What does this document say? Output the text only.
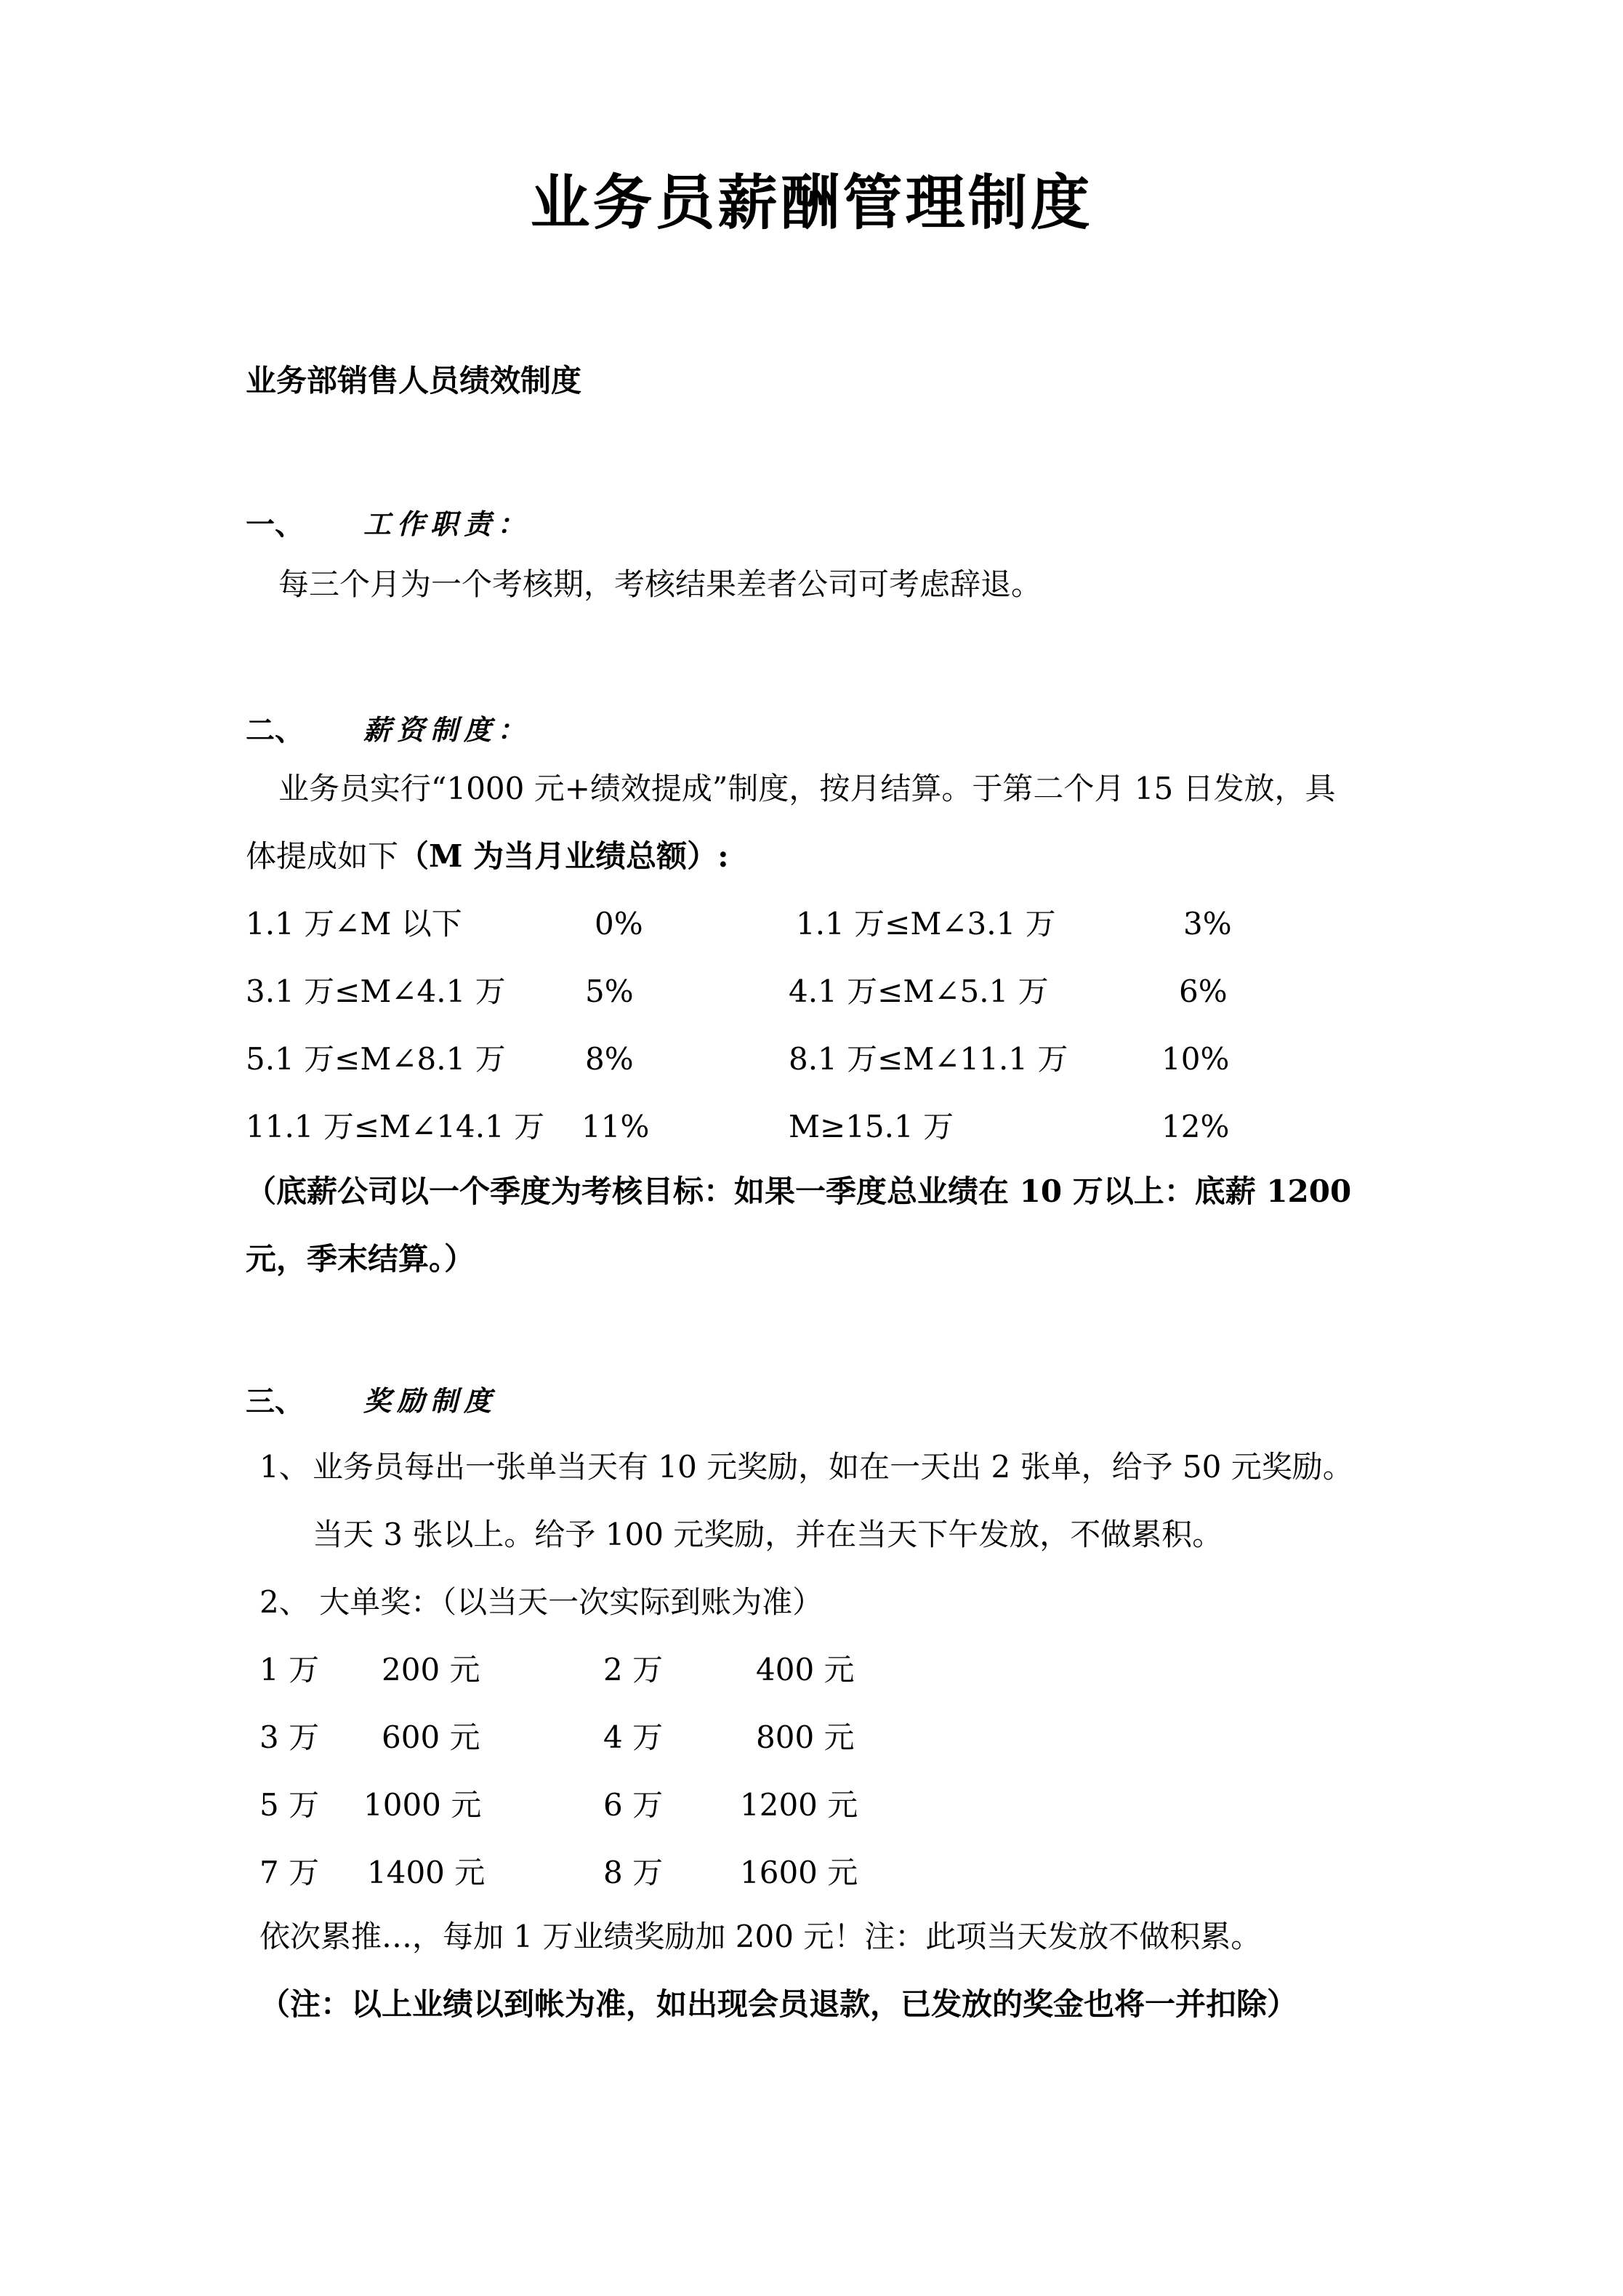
业务员薪酬管理制度
业务部销售人员绩效制度
一、 工作职责：
每三个月为一个考核期，考核结果差者公司可考虑辞退。
二、 薪资制度：
业务员实行“1000 元+绩效提成”制度，按月结算。于第二个月 15 日发放，具
体提成如下（M 为当月业绩总额）:
1.1 万∠M 以下	0%	1.1 万≤M∠3.1 万	3%
3.1 万≤M∠4.1 万	5%	4.1 万≤M∠5.1 万	6%
5.1 万≤M∠8.1 万	8%	8.1 万≤M∠11.1 万	10%
11.1 万≤M∠14.1 万 11%	M≥15.1 万	12%
（底薪公司以一个季度为考核目标：如果一季度总业绩在 10 万以上：底薪 1200
元，季末结算。）
三、 奖励制度
1、 业务员每出一张单当天有 10 元奖励，如在一天出 2 张单，给予 50 元奖励。
当天 3 张以上。给予 100 元奖励，并在当天下午发放，不做累积。
2、 大单奖：（以当天一次实际到账为准）
1 万 200 元	2 万	400 元
3 万 600 元	4 万	800 元
5 万 1000 元	6 万	1200 元
7 万 1400 元	8 万	1600 元
依次累推…，每加 1 万业绩奖励加 200 元！注：此项当天发放不做积累。
（注：以上业绩以到帐为准，如出现会员退款，已发放的奖金也将一并扣除）
